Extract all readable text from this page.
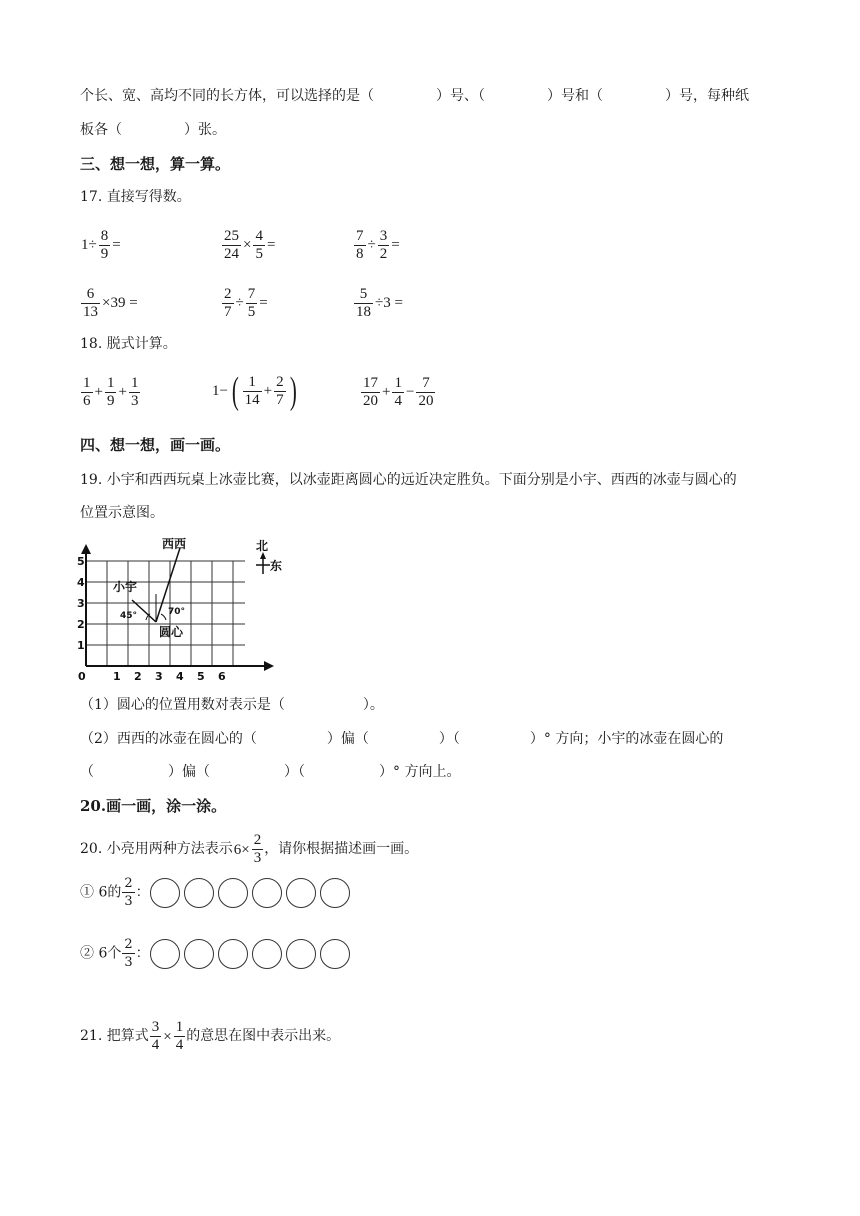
个长、宽、高均不同的长方体，可以选择的是（	）号、（	）号和（	）号，每种纸
板各（	）张。
三、想一想，算一算。
17. 直接写得数。
$1\div \frac{8}{9}$ =	$\frac{25}{24} \times \frac{4}{5}$ =	$\frac{7}{8} \div \frac{3}{2}$ =
$\frac{6}{13} \times 39$ =	$\frac{2}{7} \div \frac{7}{5}$ =	$\frac{5}{18} \div 3$ =
18. 脱式计算。
$\frac{1}{6} + \frac{1}{9} + \frac{1}{3}$	1− ( $\frac{1}{14} + \frac{2}{7}$ )	$\frac{17}{20} + \frac{1}{4} - \frac{7}{20}$
四、想一想，画一画。
19. 小宇和西西玩桌上冰壶比赛，以冰壶距离圆心的远近决定胜负。下面分别是小宇、西西的冰壶与圆心的
位置示意图。
0 1 2 3 4 5 6
1
2
3
4
5
西西
小宇
圆心
45°	70°
北
东
（1）圆心的位置用数对表示是（	）。
（2）西西的冰壶在圆心的（	）偏（	）（	）° 方向；小宇的冰壶在圆心的
（	）偏（	）（	）° 方向上。
20.画一画，涂一涂。
20. 小亮用两种方法表示$6\times \frac{2}{3}$ ，请你根据描述画一画。
① 6的 $\frac{2}{3}$ ：
② 6个 $\frac{2}{3}$ ：
21. 把算式 $\frac{3}{4} \times \frac{1}{4}$ 的意思在图中表示出来。
